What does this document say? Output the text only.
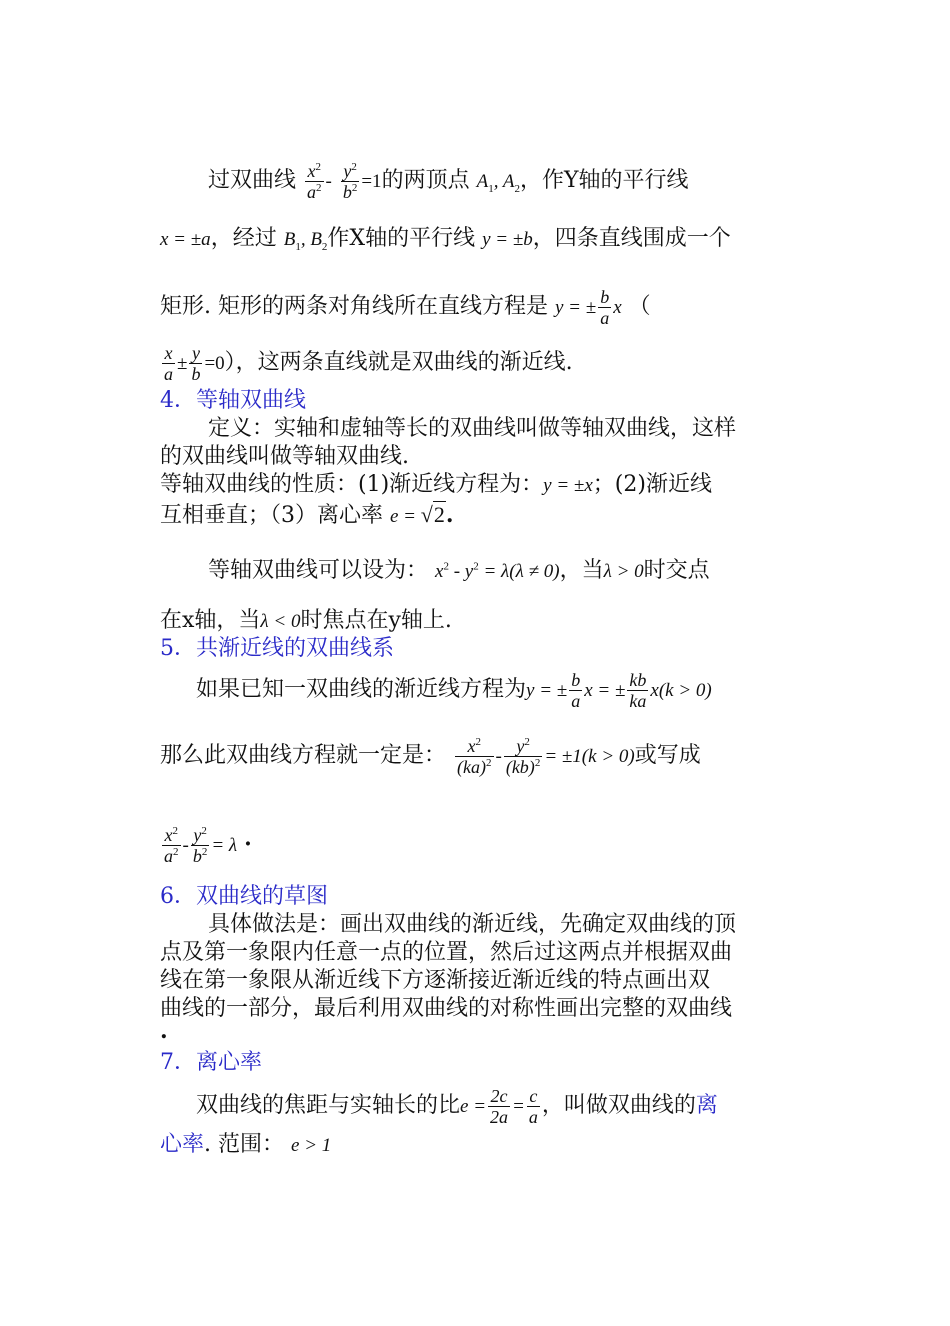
过双曲线 $\frac{x^2}{a^2} - \frac{y^2}{b^2} =1$的两顶点 $A_1$, $A_2$，作Y轴的平行线
x = ±a，经过 $B_1$, $B_2$作X轴的平行线 y = ±b，四条直线围成一个
矩形. 矩形的两条对角线所在直线方程是 y = ± $\frac{b}{a}$ x （
$\frac{x}{a} \pm \frac{y}{b} =0$），这两条直线就是双曲线的渐近线.
4．等轴双曲线
定义：实轴和虚轴等长的双曲线叫做等轴双曲线，这样
的双曲线叫做等轴双曲线.
等轴双曲线的性质：(1)渐近线方程为：y = ±x；(2)渐近线
互相垂直；（3）离心率 e = √2.
等轴双曲线可以设为： $x^2 - y^2 = \lambda(\lambda \ne 0)$，当λ > 0时交点
在x轴，当λ < 0时焦点在y轴上.
5．共渐近线的双曲线系
如果已知一双曲线的渐近线方程为y = ± $\frac{b}{a}$ x = ± $\frac{kb}{ka} x(k > 0)$
那么此双曲线方程就一定是： $\frac{x^2}{(ka)^2} - \frac{y^2}{(kb)^2} = \pm 1(k > 0)$或写成
$\frac{x^2}{a^2} - \frac{y^2}{b^2} = \lambda$ ·
6．双曲线的草图
具体做法是：画出双曲线的渐近线，先确定双曲线的顶
点及第一象限内任意一点的位置，然后过这两点并根据双曲
线在第一象限从渐近线下方逐渐接近渐近线的特点画出双
曲线的一部分，最后利用双曲线的对称性画出完整的双曲线
.
7．离心率
双曲线的焦距与实轴长的比$e = \frac{2c}{2a} = \frac{c}{a}$ ，叫做双曲线的离
心率. 范围： e > 1
